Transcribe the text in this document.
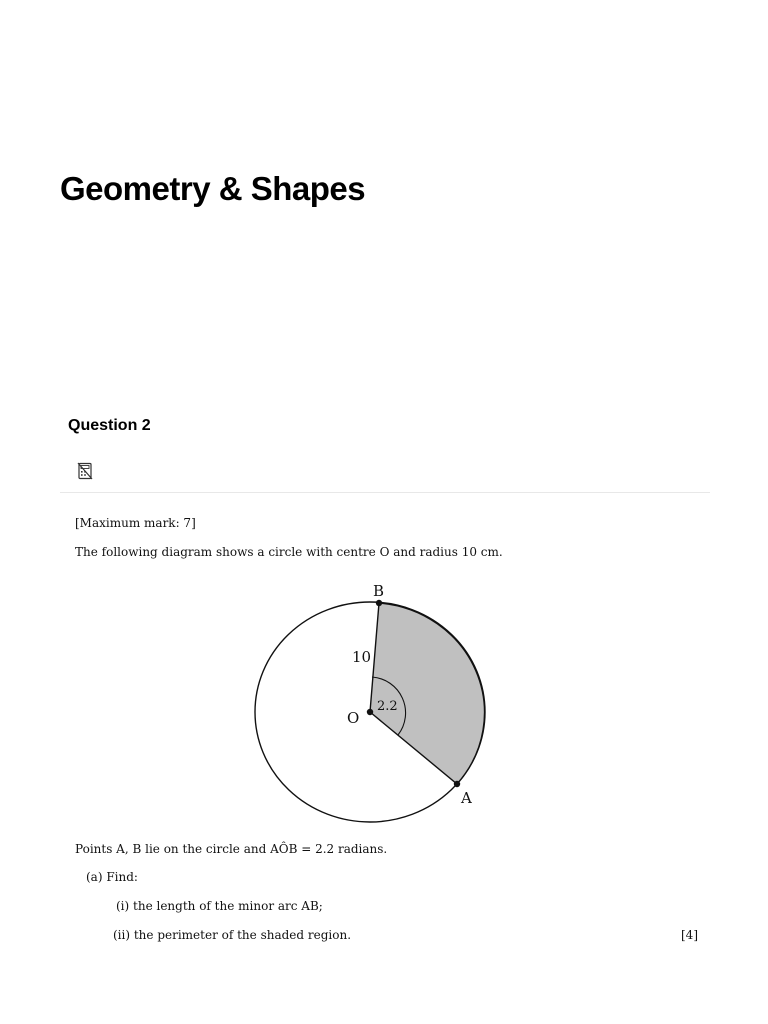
Geometry & Shapes
Question 2
[Maximum mark: 7]
The following diagram shows a circle with centre O and radius 10 cm.
B
A
O
10
2.2
Points A, B lie on the circle and AÔB = 2.2 radians.
(a) Find:
(i) the length of the minor arc AB;
(ii) the perimeter of the shaded region.	[4]
